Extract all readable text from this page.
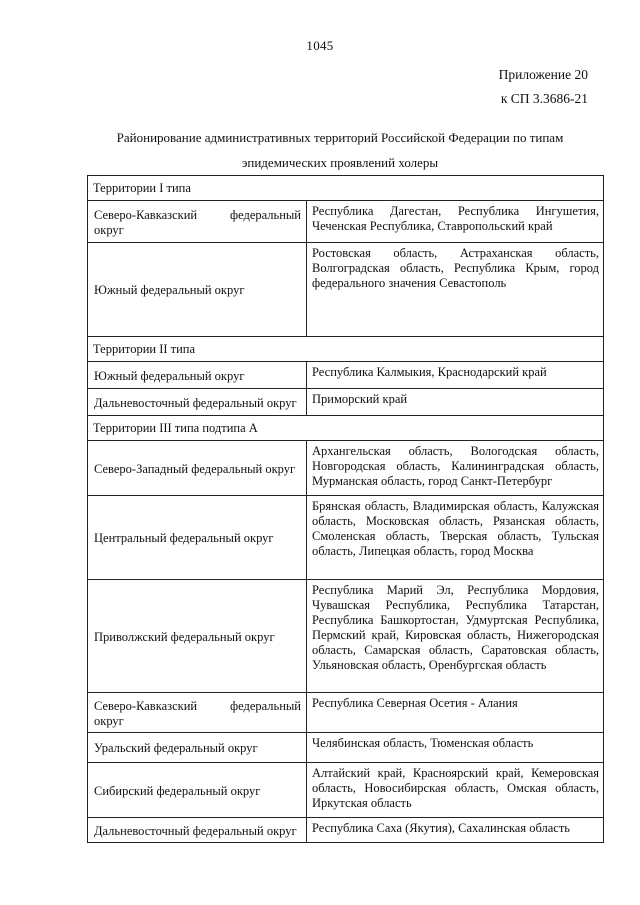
1045
Приложение 20
к СП 3.3686-21
Районирование административных территорий Российской Федерации по типам
эпидемических проявлений холеры
Территории I типа	
Северо-Кавказский федеральный
округ	Республика Дагестан, Республика Ингушетия, Чеченская Республика, Ставропольский край
Южный федеральный округ	Ростовская область, Астраханская область, Волгоградская область, Республика Крым, город федерального значения Севастополь
Территории II типа	
Южный федеральный округ	Республика Калмыкия, Краснодарский край
Дальневосточный федеральный округ	Приморский край
Территории III типа подтипа А	
Северо-Западный федеральный округ	Архангельская область, Вологодская область, Новгородская область, Калининградская область, Мурманская область, город Санкт-Петербург
Центральный федеральный округ	Брянская область, Владимирская область, Калужская область, Московская область, Рязанская область, Смоленская область, Тверская область, Тульская область, Липецкая область, город Москва
Приволжский федеральный округ	Республика Марий Эл, Республика Мордовия, Чувашская Республика, Республика Татарстан, Республика Башкортостан, Удмуртская Республика, Пермский край, Кировская область, Нижегородская область, Самарская область, Саратовская область, Ульяновская область, Оренбургская область
Северо-Кавказский федеральный
округ	Республика Северная Осетия - Алания
Уральский федеральный округ	Челябинская область, Тюменская область
Сибирский федеральный округ	Алтайский край, Красноярский край, Кемеровская область, Новосибирская область, Омская область, Иркутская область
Дальневосточный федеральный округ	Республика Саха (Якутия), Сахалинская область
